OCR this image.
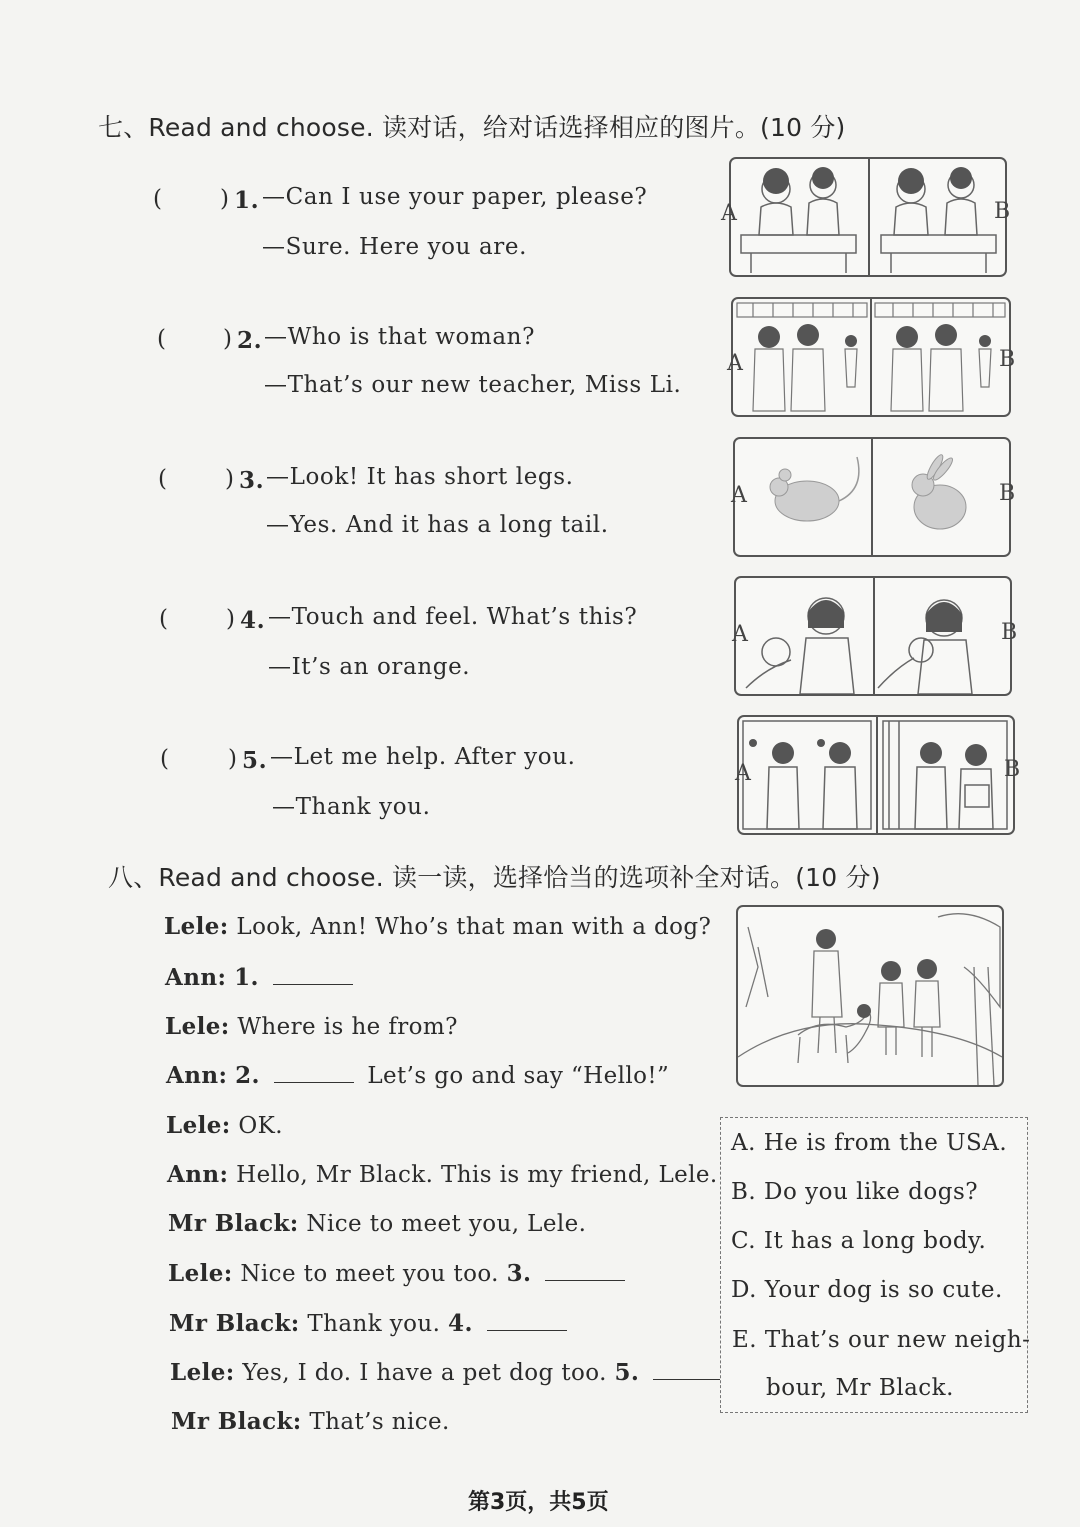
七、Read and choose. 读对话，给对话选择相应的图片。(10 分)
(	) 1. —Can I use your paper, please?
—Sure. Here you are.
A	B
( ) 2. —Who is that woman?
—That’s our new teacher, Miss Li.
A	B
(	) 3. —Look! It has short legs.
—Yes. And it has a long tail.
A	B
(	) 4. —Touch and feel. What’s this?
—It’s an orange.
A	B
(	) 5. —Let me help. After you.
—Thank you.
A	B
八、Read and choose. 读一读，选择恰当的选项补全对话。(10 分)
Lele: Look, Ann! Who’s that man with a dog?
Ann: 1.
Lele: Where is he from?
Ann: 2.	Let’s go and say “Hello!”
Lele: OK.
Ann: Hello, Mr Black. This is my friend, Lele.
Mr Black: Nice to meet you, Lele.
Lele: Nice to meet you too. 3.
Mr Black: Thank you. 4.
Lele: Yes, I do. I have a pet dog too. 5.
Mr Black: That’s nice.
A. He is from the USA.
B. Do you like dogs?
C. It has a long body.
D. Your dog is so cute.
E. That’s our new neigh-
bour, Mr Black.
第3页，共5页
